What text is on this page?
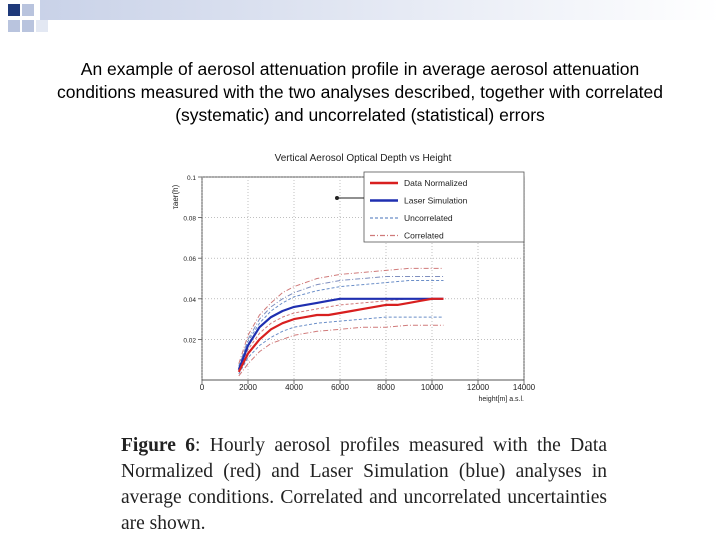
An example of aerosol attenuation profile in average aerosol attenuation
conditions measured with the two analyses described, together with correlated
(systematic) and uncorrelated (statistical) errors
0	2000	4000	6000	8000	10000	12000	14000
0.02
0.04
0.06
0.08
0.1
Vertical Aerosol Optical Depth vs Height
height[m] a.s.l.
τaer(h)
Data Normalized
Laser Simulation
Uncorrelated
Correlated
Figure 6: Hourly aerosol profiles measured with the Data Normalized (red) and Laser Simulation (blue) analyses in average conditions. Correlated and uncorrelated uncertainties are shown.
